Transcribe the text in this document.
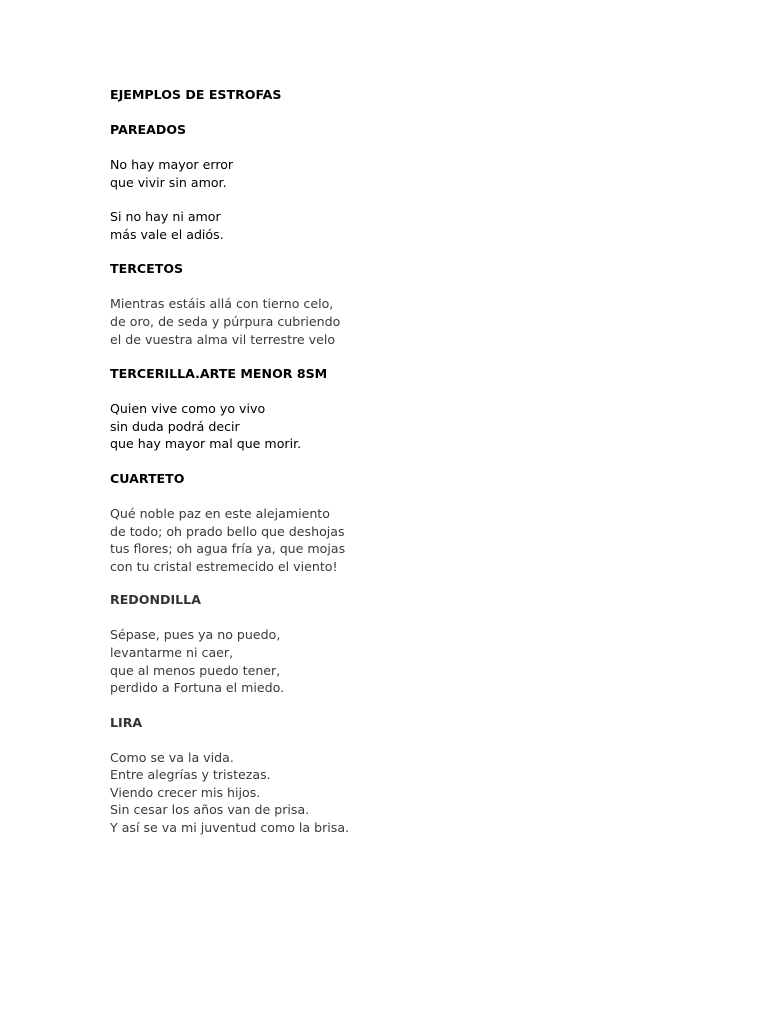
EJEMPLOS DE ESTROFAS
PAREADOS
No hay mayor error
que vivir sin amor.
Si no hay ni amor
más vale el adiós.
TERCETOS
Mientras estáis allá con tierno celo,
de oro, de seda y púrpura cubriendo
el de vuestra alma vil terrestre velo
TERCERILLA.ARTE MENOR 8SM
Quien vive como yo vivo
sin duda podrá decir
que hay mayor mal que morir.
CUARTETO
Qué noble paz en este alejamiento
de todo; oh prado bello que deshojas
tus flores; oh agua fría ya, que mojas
con tu cristal estremecido el viento!
REDONDILLA
Sépase, pues ya no puedo,
levantarme ni caer,
que al menos puedo tener,
perdido a Fortuna el miedo.
LIRA
Como se va la vida.
Entre alegrías y tristezas.
Viendo crecer mis hijos.
Sin cesar los años van de prisa.
Y así se va mi juventud como la brisa.
